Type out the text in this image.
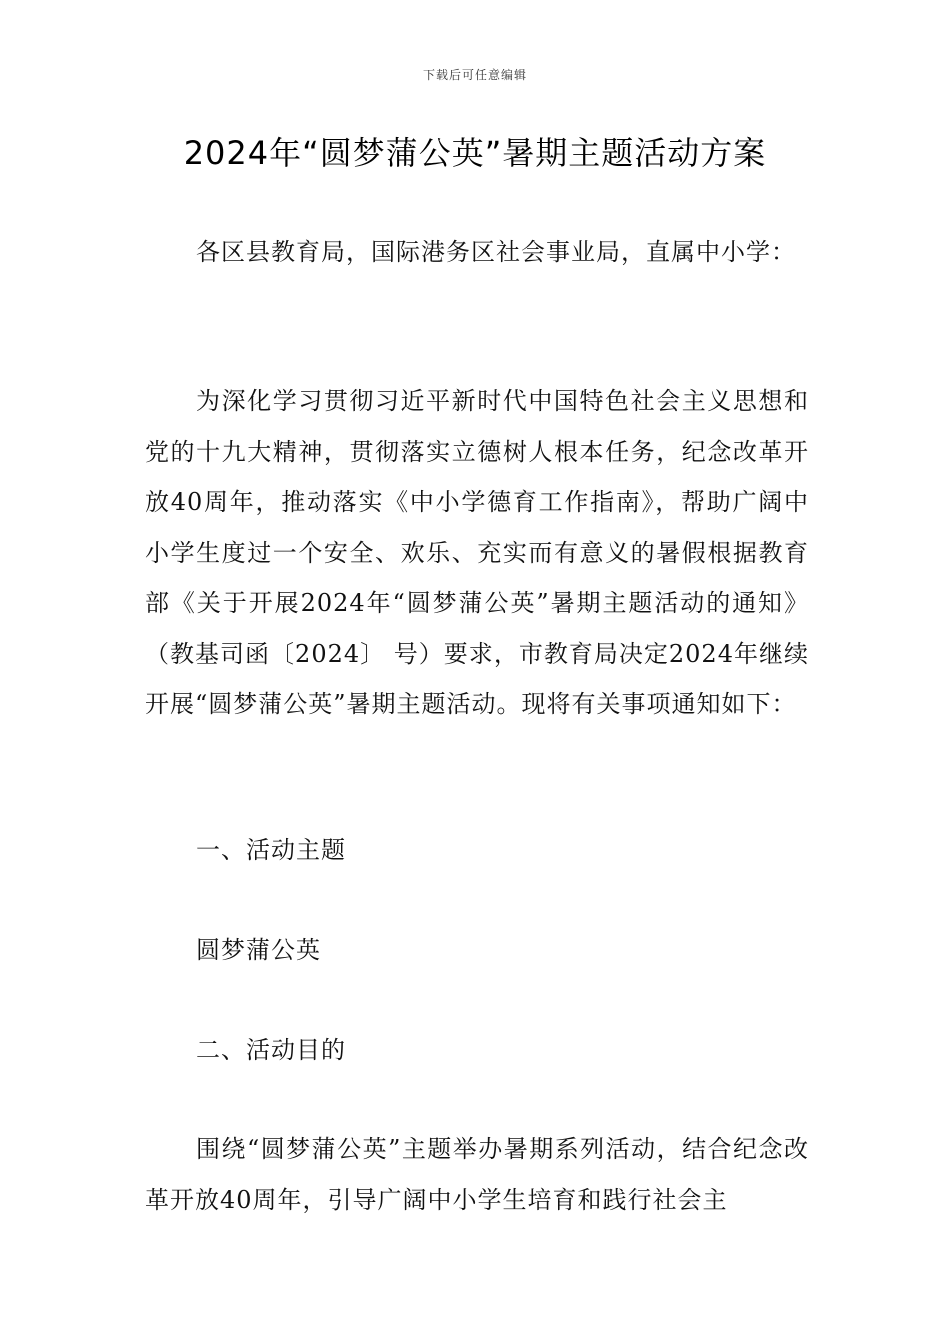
下载后可任意编辑
2024年“圆梦蒲公英”暑期主题活动方案
各区县教育局，国际港务区社会事业局，直属中小学：

为深化学习贯彻习近平新时代中国特色社会主义思想和党的十九大精神，贯彻落实立德树人根本任务，纪念改革开放40周年，推动落实《中小学德育工作指南》，帮助广阔中小学生度过一个安全、欢乐、充实而有意义的暑假根据教育部《关于开展2024年“圆梦蒲公英”暑期主题活动的通知》（教基司函〔2024〕 号）要求，市教育局决定2024年继续开展“圆梦蒲公英”暑期主题活动。现将有关事项通知如下：

一、活动主题
圆梦蒲公英
二、活动目的

围绕“圆梦蒲公英”主题举办暑期系列活动，结合纪念改革开放40周年，引导广阔中小学生培育和践行社会主
